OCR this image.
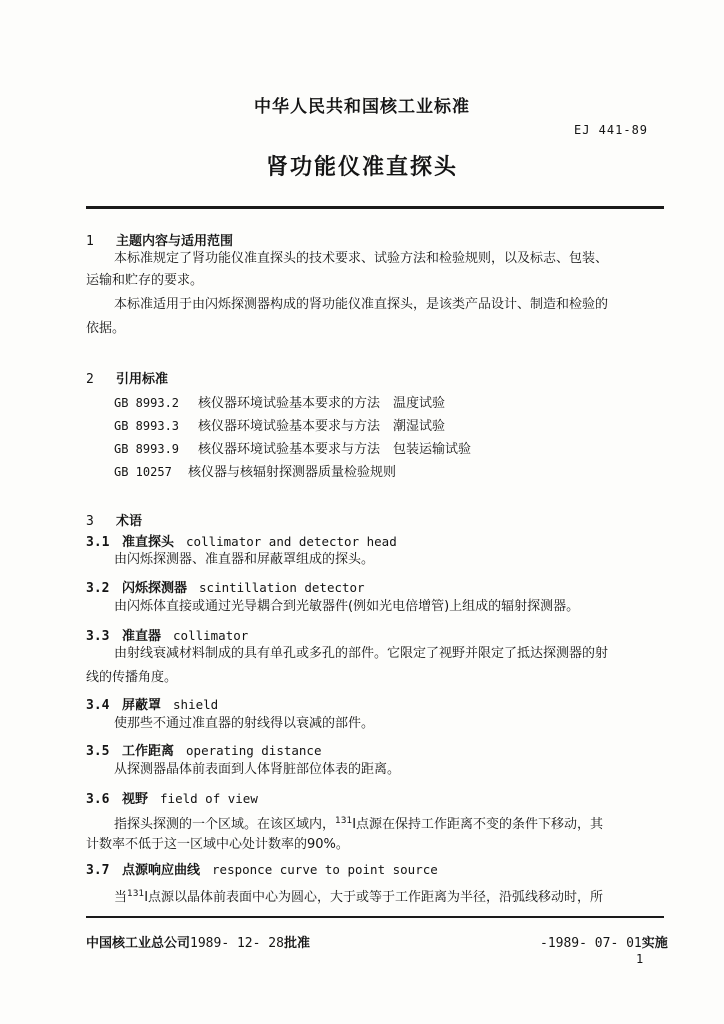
中华人民共和国核工业标准
EJ 441-89
肾功能仪准直探头
1 主题内容与适用范围
本标准规定了肾功能仪准直探头的技术要求、试验方法和检验规则，以及标志、包装、
运输和贮存的要求。
本标准适用于由闪烁探测器构成的肾功能仪准直探头，是该类产品设计、制造和检验的
依据。
2 引用标准
GB 8993.2 核仪器环境试验基本要求的方法　温度试验
GB 8993.3 核仪器环境试验基本要求与方法　潮湿试验
GB 8993.9 核仪器环境试验基本要求与方法　包装运输试验
GB 10257 核仪器与核辐射探测器质量检验规则
3 术语
3.1 准直探头 collimator and detector head
由闪烁探测器、准直器和屏蔽罩组成的探头。
3.2 闪烁探测器 scintillation detector
由闪烁体直接或通过光导耦合到光敏器件(例如光电倍增管)上组成的辐射探测器。
3.3 准直器 collimator
由射线衰减材料制成的具有单孔或多孔的部件。它限定了视野并限定了抵达探测器的射
线的传播角度。
3.4 屏蔽罩 shield
使那些不通过准直器的射线得以衰减的部件。
3.5 工作距离 operating distance
从探测器晶体前表面到人体肾脏部位体表的距离。
3.6 视野 field of view
指探头探测的一个区域。在该区域内，$^{131}$I点源在保持工作距离不变的条件下移动，其
计数率不低于这一区域中心处计数率的90%。
3.7 点源响应曲线 responce curve to point source
当$^{131}$I点源以晶体前表面中心为圆心，大于或等于工作距离为半径，沿弧线移动时，所
中国核工业总公司1989- 12- 28批准	-1989- 07- 01实施
1
